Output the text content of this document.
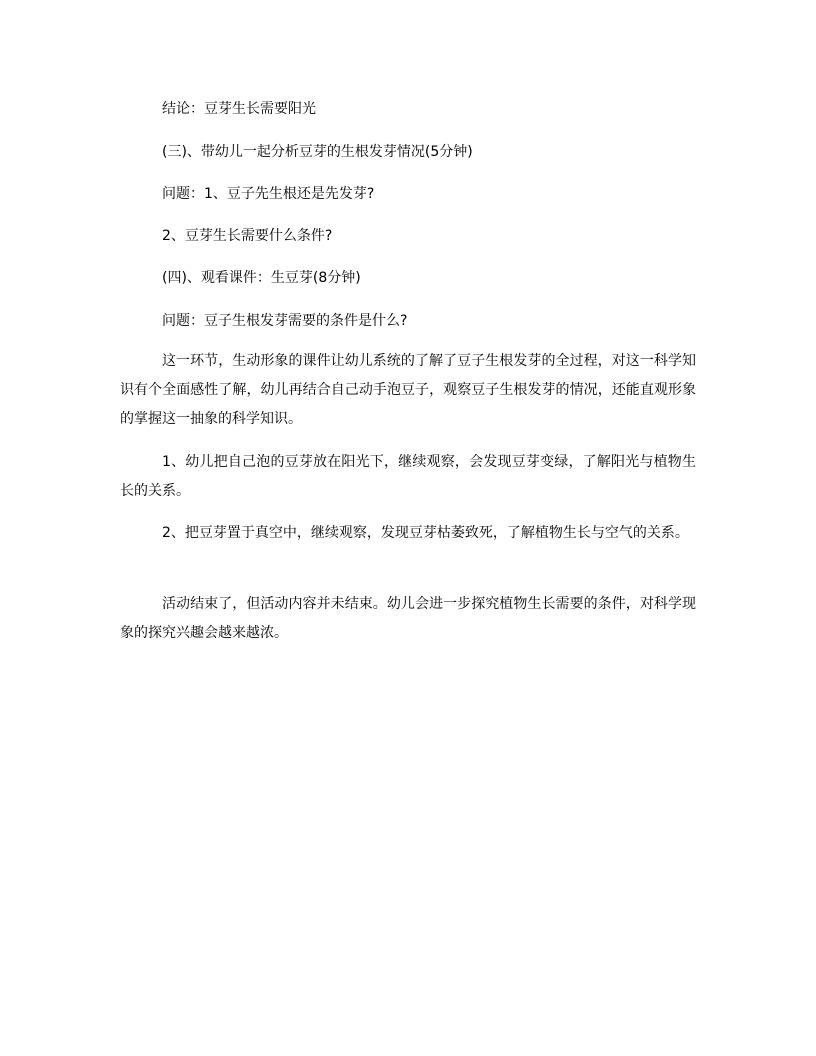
结论：豆芽生长需要阳光
(三)、带幼儿一起分析豆芽的生根发芽情况(5分钟)
问题：1、豆子先生根还是先发芽?
2、豆芽生长需要什么条件?
(四)、观看课件：生豆芽(8分钟)
问题：豆子生根发芽需要的条件是什么?
这一环节，生动形象的课件让幼儿系统的了解了豆子生根发芽的全过程，对这一科学知识有个全面感性了解，幼儿再结合自己动手泡豆子，观察豆子生根发芽的情况，还能直观形象的掌握这一抽象的科学知识。
1、幼儿把自己泡的豆芽放在阳光下，继续观察，会发现豆芽变绿，了解阳光与植物生长的关系。
2、把豆芽置于真空中，继续观察，发现豆芽枯萎致死，了解植物生长与空气的关系。
活动结束了，但活动内容并未结束。幼儿会进一步探究植物生长需要的条件，对科学现象的探究兴趣会越来越浓。
